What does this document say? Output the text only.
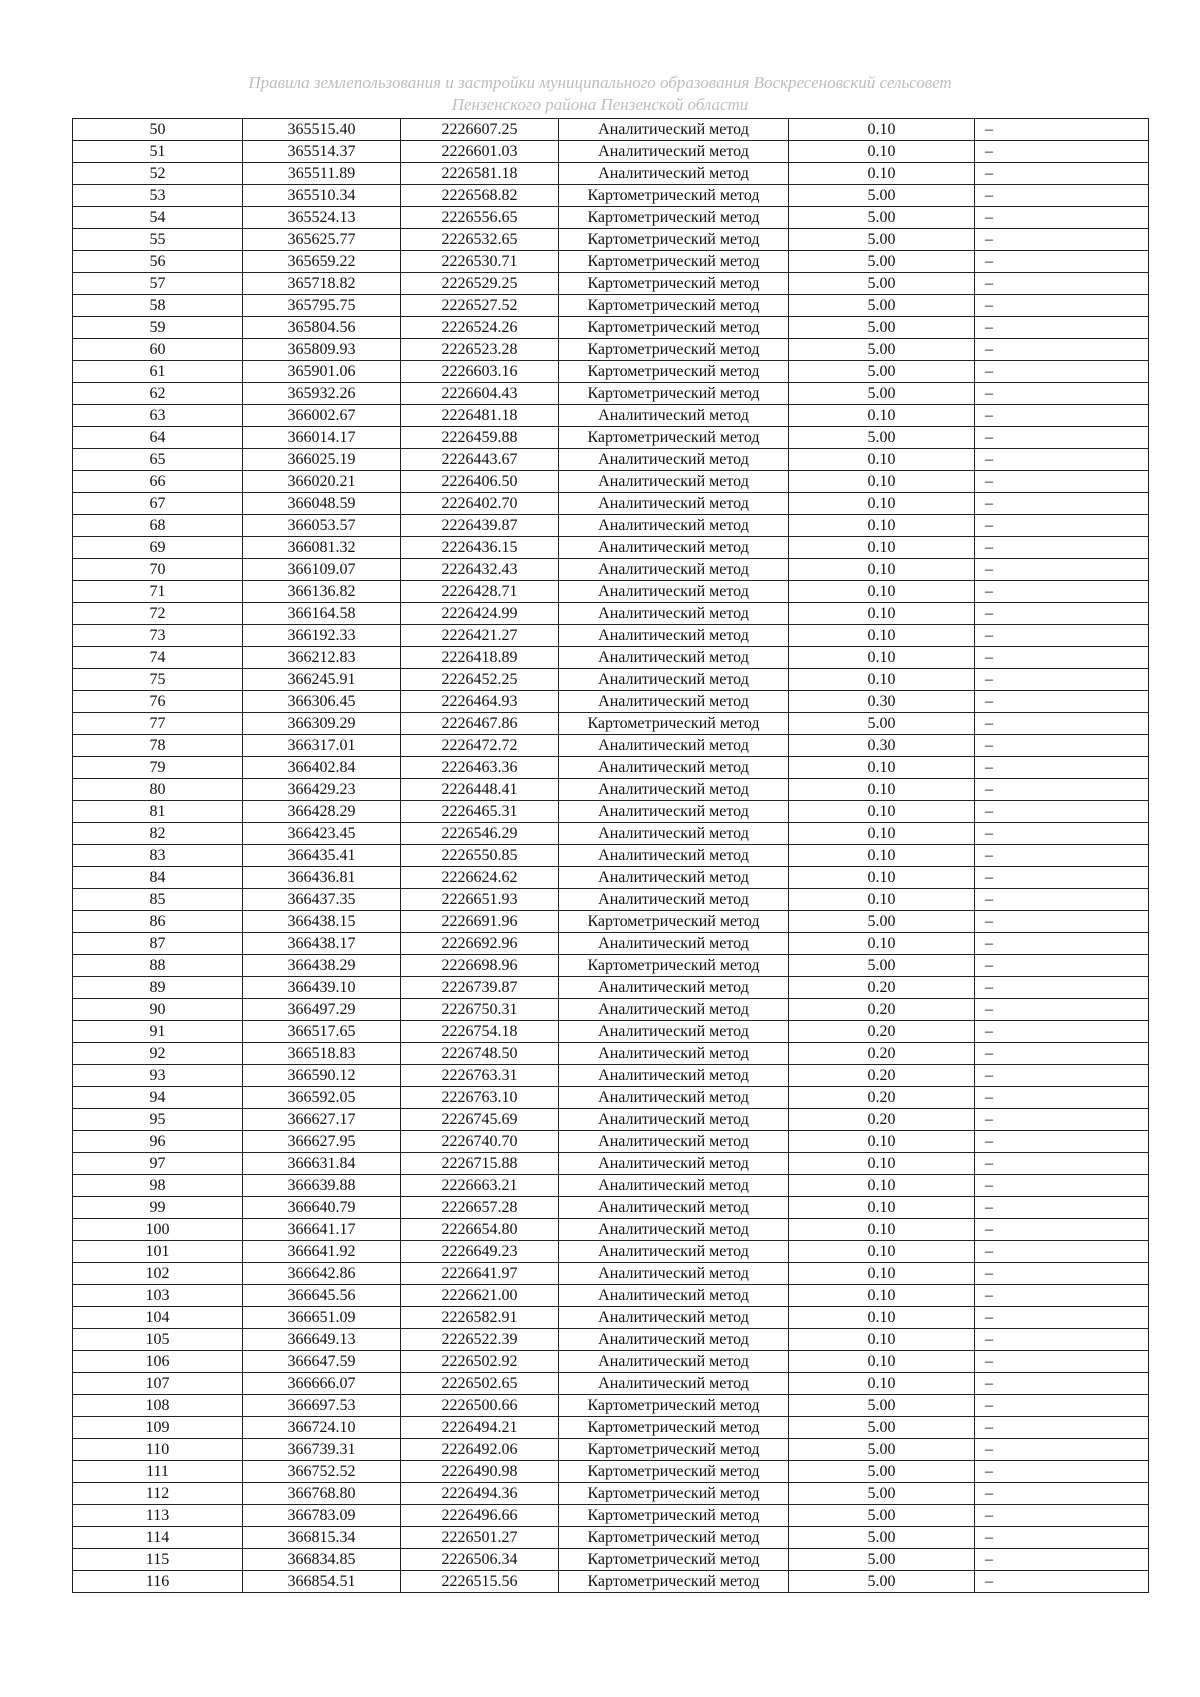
Правила землепользования и застройки муниципального образования Воскресеновский сельсовет
Пензенского района Пензенской области
50	365515.40	2226607.25	Аналитический метод	0.10	–
51	365514.37	2226601.03	Аналитический метод	0.10	–
52	365511.89	2226581.18	Аналитический метод	0.10	–
53	365510.34	2226568.82	Картометрический метод	5.00	–
54	365524.13	2226556.65	Картометрический метод	5.00	–
55	365625.77	2226532.65	Картометрический метод	5.00	–
56	365659.22	2226530.71	Картометрический метод	5.00	–
57	365718.82	2226529.25	Картометрический метод	5.00	–
58	365795.75	2226527.52	Картометрический метод	5.00	–
59	365804.56	2226524.26	Картометрический метод	5.00	–
60	365809.93	2226523.28	Картометрический метод	5.00	–
61	365901.06	2226603.16	Картометрический метод	5.00	–
62	365932.26	2226604.43	Картометрический метод	5.00	–
63	366002.67	2226481.18	Аналитический метод	0.10	–
64	366014.17	2226459.88	Картометрический метод	5.00	–
65	366025.19	2226443.67	Аналитический метод	0.10	–
66	366020.21	2226406.50	Аналитический метод	0.10	–
67	366048.59	2226402.70	Аналитический метод	0.10	–
68	366053.57	2226439.87	Аналитический метод	0.10	–
69	366081.32	2226436.15	Аналитический метод	0.10	–
70	366109.07	2226432.43	Аналитический метод	0.10	–
71	366136.82	2226428.71	Аналитический метод	0.10	–
72	366164.58	2226424.99	Аналитический метод	0.10	–
73	366192.33	2226421.27	Аналитический метод	0.10	–
74	366212.83	2226418.89	Аналитический метод	0.10	–
75	366245.91	2226452.25	Аналитический метод	0.10	–
76	366306.45	2226464.93	Аналитический метод	0.30	–
77	366309.29	2226467.86	Картометрический метод	5.00	–
78	366317.01	2226472.72	Аналитический метод	0.30	–
79	366402.84	2226463.36	Аналитический метод	0.10	–
80	366429.23	2226448.41	Аналитический метод	0.10	–
81	366428.29	2226465.31	Аналитический метод	0.10	–
82	366423.45	2226546.29	Аналитический метод	0.10	–
83	366435.41	2226550.85	Аналитический метод	0.10	–
84	366436.81	2226624.62	Аналитический метод	0.10	–
85	366437.35	2226651.93	Аналитический метод	0.10	–
86	366438.15	2226691.96	Картометрический метод	5.00	–
87	366438.17	2226692.96	Аналитический метод	0.10	–
88	366438.29	2226698.96	Картометрический метод	5.00	–
89	366439.10	2226739.87	Аналитический метод	0.20	–
90	366497.29	2226750.31	Аналитический метод	0.20	–
91	366517.65	2226754.18	Аналитический метод	0.20	–
92	366518.83	2226748.50	Аналитический метод	0.20	–
93	366590.12	2226763.31	Аналитический метод	0.20	–
94	366592.05	2226763.10	Аналитический метод	0.20	–
95	366627.17	2226745.69	Аналитический метод	0.20	–
96	366627.95	2226740.70	Аналитический метод	0.10	–
97	366631.84	2226715.88	Аналитический метод	0.10	–
98	366639.88	2226663.21	Аналитический метод	0.10	–
99	366640.79	2226657.28	Аналитический метод	0.10	–
100	366641.17	2226654.80	Аналитический метод	0.10	–
101	366641.92	2226649.23	Аналитический метод	0.10	–
102	366642.86	2226641.97	Аналитический метод	0.10	–
103	366645.56	2226621.00	Аналитический метод	0.10	–
104	366651.09	2226582.91	Аналитический метод	0.10	–
105	366649.13	2226522.39	Аналитический метод	0.10	–
106	366647.59	2226502.92	Аналитический метод	0.10	–
107	366666.07	2226502.65	Аналитический метод	0.10	–
108	366697.53	2226500.66	Картометрический метод	5.00	–
109	366724.10	2226494.21	Картометрический метод	5.00	–
110	366739.31	2226492.06	Картометрический метод	5.00	–
111	366752.52	2226490.98	Картометрический метод	5.00	–
112	366768.80	2226494.36	Картометрический метод	5.00	–
113	366783.09	2226496.66	Картометрический метод	5.00	–
114	366815.34	2226501.27	Картометрический метод	5.00	–
115	366834.85	2226506.34	Картометрический метод	5.00	–
116	366854.51	2226515.56	Картометрический метод	5.00	–
